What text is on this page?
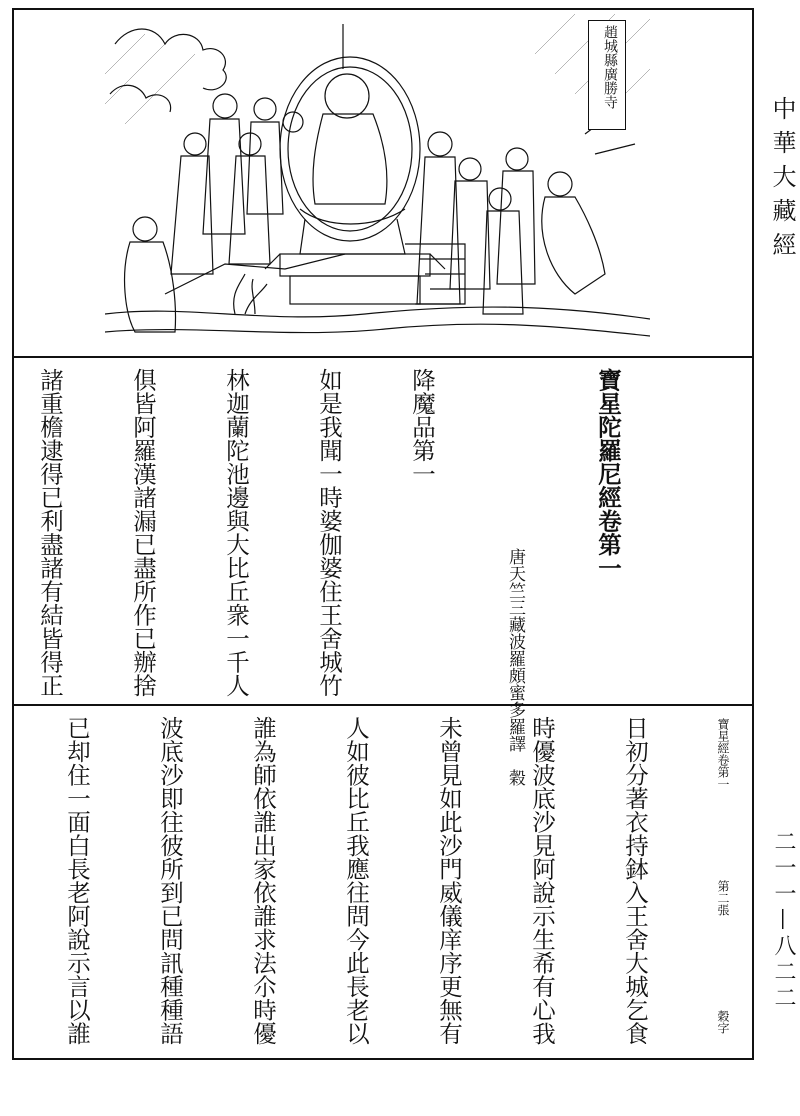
中華大藏經
二一一—八二二
趙城縣廣勝寺

寶星陀羅尼經卷第一

唐天竺三藏波羅頗蜜多羅譯　穀

降魔品第一

如是我聞一時婆伽婆住王舍城竹

林迦蘭陀池邊與大比丘衆一千人

俱皆阿羅漢諸漏已盡所作已辦捨

諸重檐逮得已利盡諸有結皆得正

日初分著衣持鉢入王舍大城乞食

時優波底沙見阿說示生希有心我

未曾見如此沙門威儀庠序更無有

人如彼比丘我應往問今此長老以

誰為師依誰出家依誰求法尒時優

波底沙即往彼所到已問訊種種語

已却住一面白長老阿說示言以誰

	寶星經卷第一
第二張
穀字
